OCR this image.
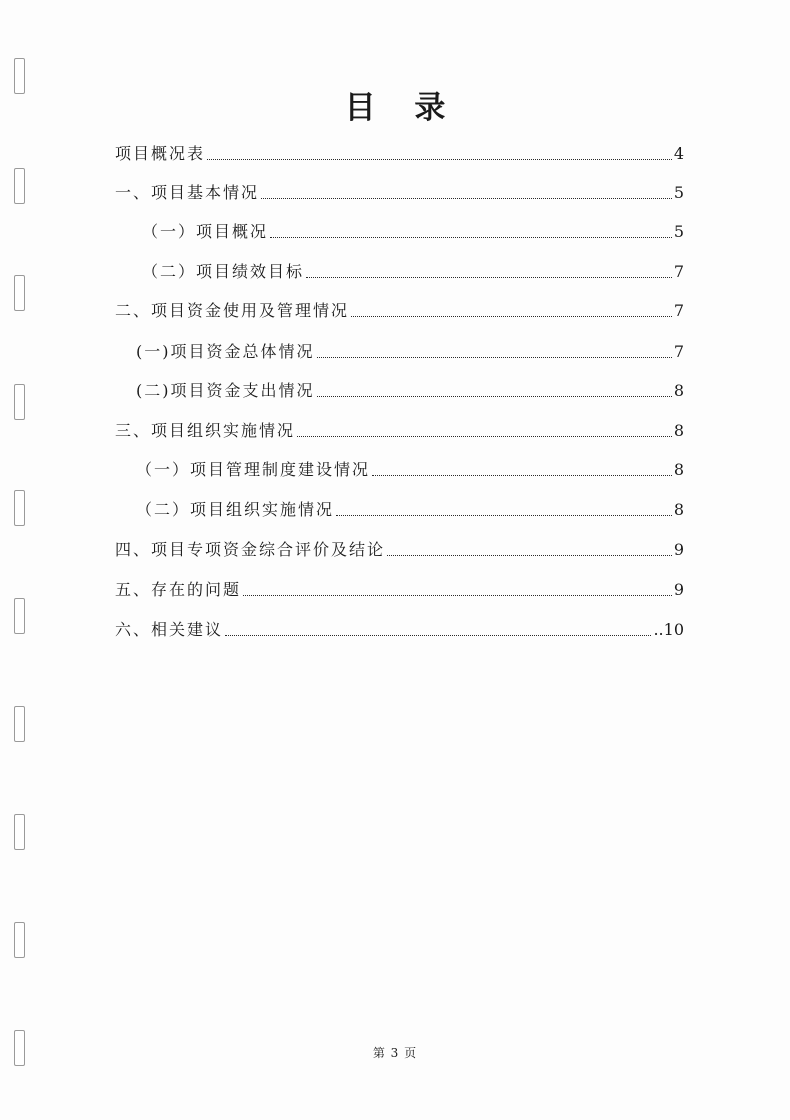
目 录
项目概况表	4
一、项目基本情况	5
（一）项目概况	5
（二）项目绩效目标	7
二、项目资金使用及管理情况	7
(一)项目资金总体情况	7
(二)项目资金支出情况	8
三、项目组织实施情况	8
（一）项目管理制度建设情况	8
（二）项目组织实施情况	8
四、项目专项资金综合评价及结论	9
五、存在的问题	9
六、相关建议	..10
第 3 页
